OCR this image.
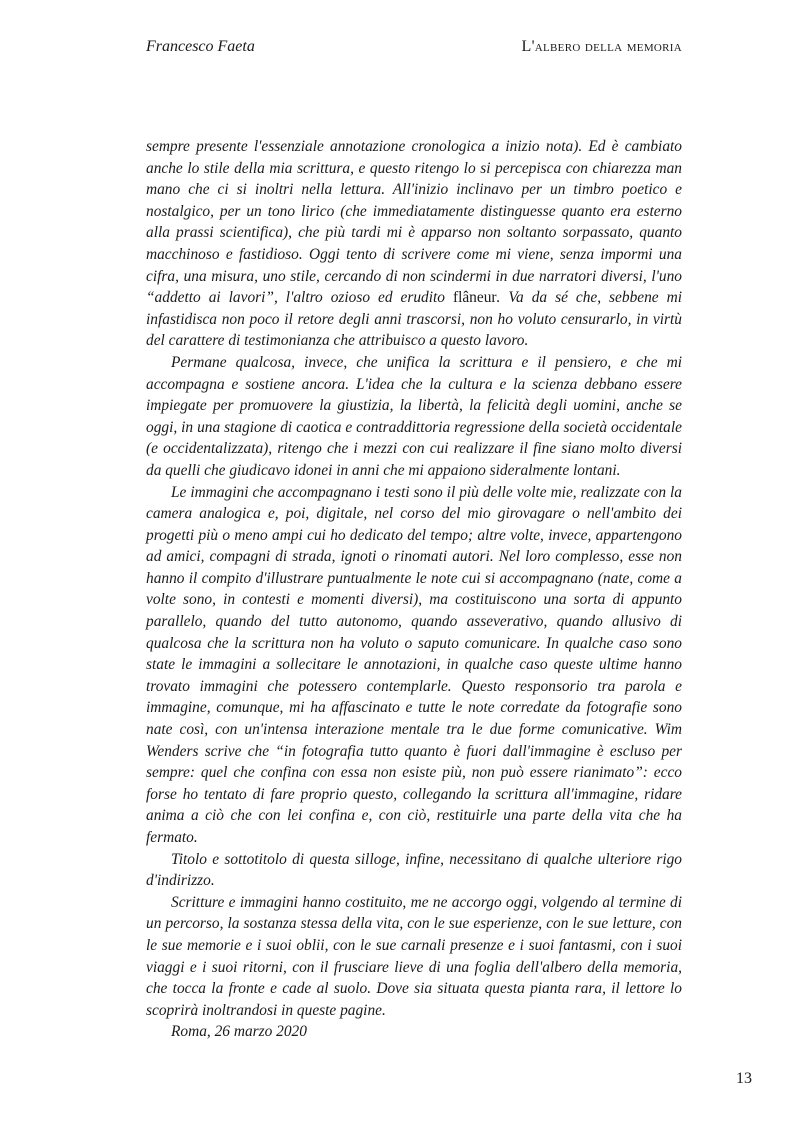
Francesco Faeta	L'albero della memoria

sempre presente l'essenziale annotazione cronologica a inizio nota). Ed è cambiato anche lo stile della mia scrittura, e questo ritengo lo si percepisca con chiarezza man mano che ci si inoltri nella lettura. All'inizio inclinavo per un timbro poetico e nostalgico, per un tono lirico (che immediatamente distinguesse quanto era esterno alla prassi scientifica), che più tardi mi è apparso non soltanto sorpassato, quanto macchinoso e fastidioso. Oggi tento di scrivere come mi viene, senza impormi una cifra, una misura, uno stile, cercando di non scindermi in due narratori diversi, l'uno “addetto ai lavori”, l'altro ozioso ed erudito flâneur. Va da sé che, sebbene mi infastidisca non poco il retore degli anni trascorsi, non ho voluto censurarlo, in virtù del carattere di testimonianza che attribuisco a questo lavoro.

Permane qualcosa, invece, che unifica la scrittura e il pensiero, e che mi accompagna e sostiene ancora. L'idea che la cultura e la scienza debbano essere impiegate per promuovere la giustizia, la libertà, la felicità degli uomini, anche se oggi, in una stagione di caotica e contraddittoria regressione della società occidentale (e occidentalizzata), ritengo che i mezzi con cui realizzare il fine siano molto diversi da quelli che giudicavo idonei in anni che mi appaiono sideralmente lontani.

Le immagini che accompagnano i testi sono il più delle volte mie, realizzate con la camera analogica e, poi, digitale, nel corso del mio girovagare o nell'ambito dei progetti più o meno ampi cui ho dedicato del tempo; altre volte, invece, appartengono ad amici, compagni di strada, ignoti o rinomati autori. Nel loro complesso, esse non hanno il compito d'illustrare puntualmente le note cui si accompagnano (nate, come a volte sono, in contesti e momenti diversi), ma costituiscono una sorta di appunto parallelo, quando del tutto autonomo, quando asseverativo, quando allusivo di qualcosa che la scrittura non ha voluto o saputo comunicare. In qualche caso sono state le immagini a sollecitare le annotazioni, in qualche caso queste ultime hanno trovato immagini che potessero contemplarle. Questo responsorio tra parola e immagine, comunque, mi ha affascinato e tutte le note corredate da fotografie sono nate così, con un'intensa interazione mentale tra le due forme comunicative. Wim Wenders scrive che “in fotografia tutto quanto è fuori dall'immagine è escluso per sempre: quel che confina con essa non esiste più, non può essere rianimato”: ecco forse ho tentato di fare proprio questo, collegando la scrittura all'immagine, ridare anima a ciò che con lei confina e, con ciò, restituirle una parte della vita che ha fermato.

Titolo e sottotitolo di questa silloge, infine, necessitano di qualche ulteriore rigo d'indirizzo.

Scritture e immagini hanno costituito, me ne accorgo oggi, volgendo al termine di un percorso, la sostanza stessa della vita, con le sue esperienze, con le sue letture, con le sue memorie e i suoi oblii, con le sue carnali presenze e i suoi fantasmi, con i suoi viaggi e i suoi ritorni, con il frusciare lieve di una foglia dell'albero della memoria, che tocca la fronte e cade al suolo. Dove sia situata questa pianta rara, il lettore lo scoprirà inoltrandosi in queste pagine.

Roma, 26 marzo 2020

13
